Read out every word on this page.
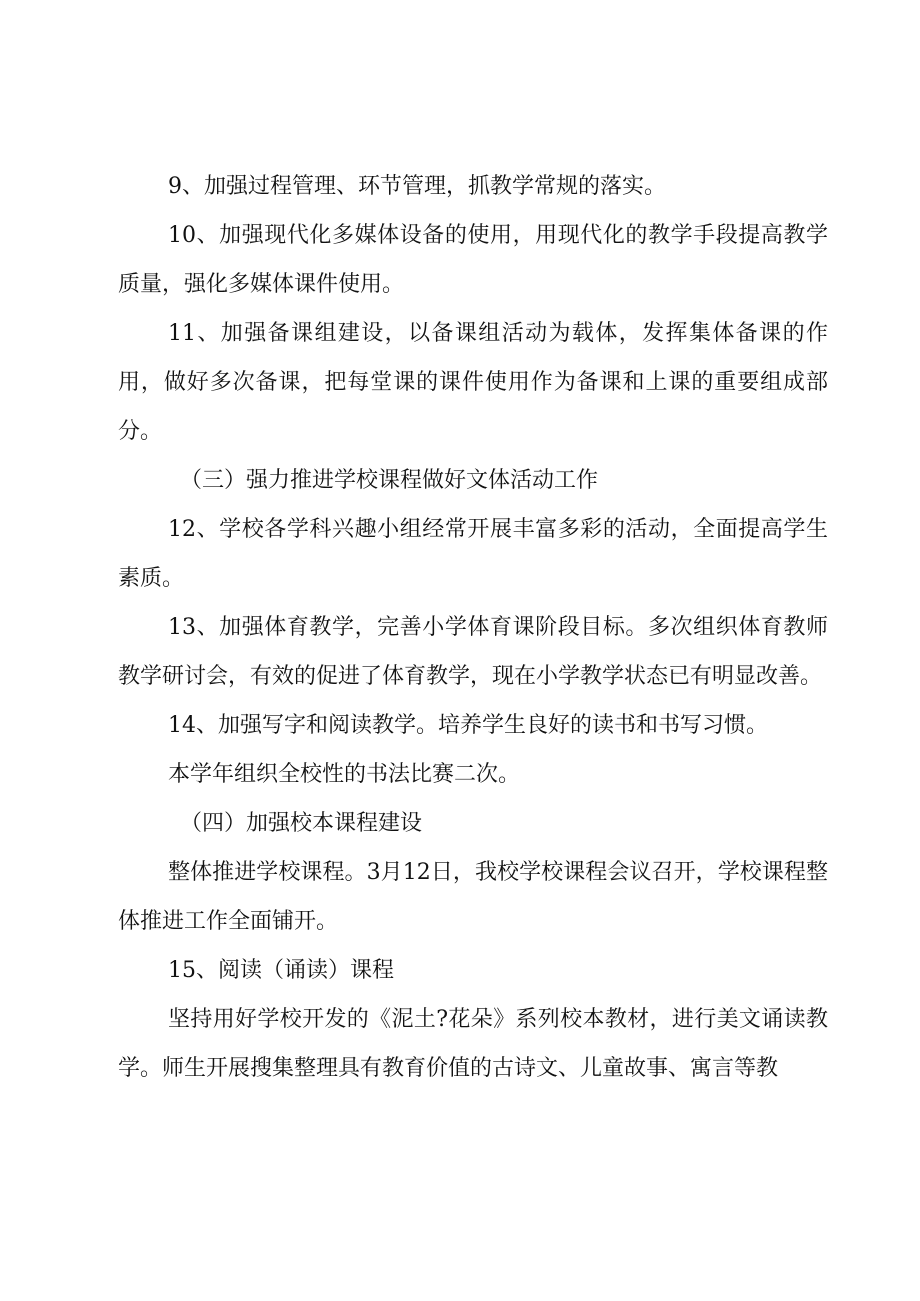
9、加强过程管理、环节管理，抓教学常规的落实。

10、加强现代化多媒体设备的使用，用现代化的教学手段提高教学质量，强化多媒体课件使用。

11、加强备课组建设，以备课组活动为载体，发挥集体备课的作用，做好多次备课，把每堂课的课件使用作为备课和上课的重要组成部分。

（三）强力推进学校课程做好文体活动工作

12、学校各学科兴趣小组经常开展丰富多彩的活动，全面提高学生素质。

13、加强体育教学，完善小学体育课阶段目标。多次组织体育教师教学研讨会，有效的促进了体育教学，现在小学教学状态已有明显改善。

14、加强写字和阅读教学。培养学生良好的读书和书写习惯。

本学年组织全校性的书法比赛二次。

（四）加强校本课程建设

整体推进学校课程。3月12日，我校学校课程会议召开，学校课程整体推进工作全面铺开。

15、阅读（诵读）课程

坚持用好学校开发的《泥土?花朵》系列校本教材，进行美文诵读教学。师生开展搜集整理具有教育价值的古诗文、儿童故事、寓言等教
